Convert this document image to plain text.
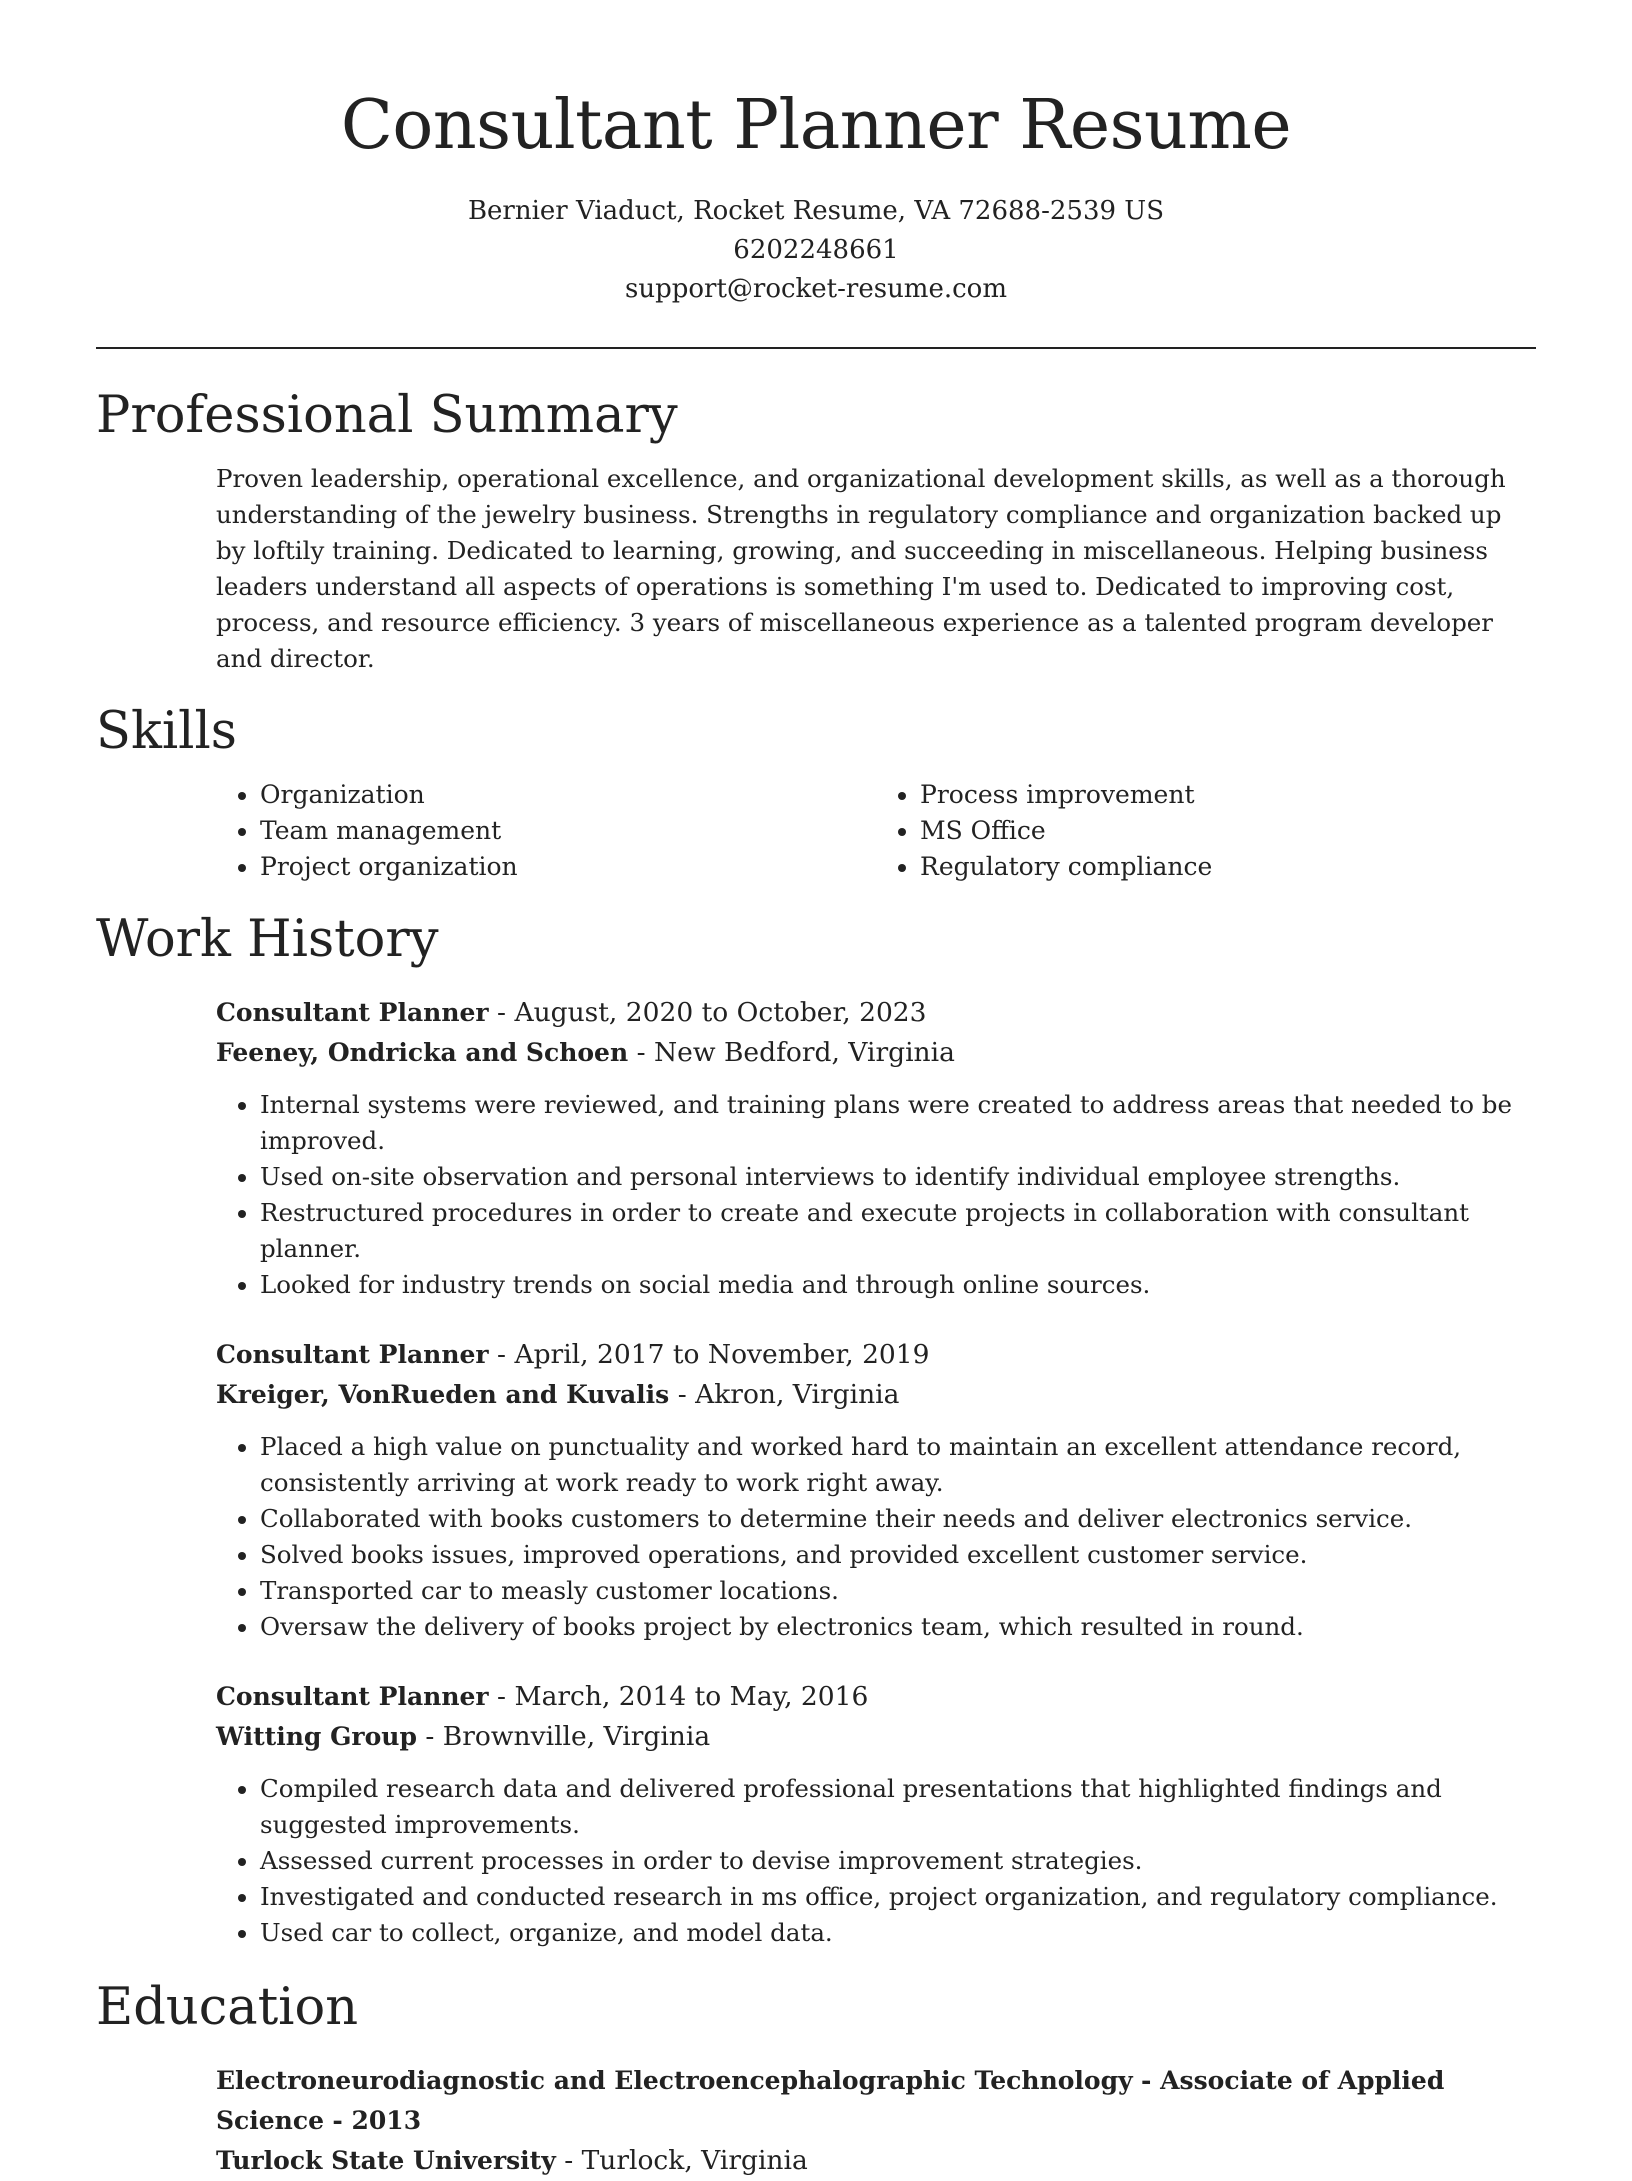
Consultant Planner Resume
Bernier Viaduct, Rocket Resume, VA 72688-2539 US
6202248661
support@rocket-resume.com
Professional Summary

Proven leadership, operational excellence, and organizational development skills, as well as a thorough understanding of the jewelry business. Strengths in regulatory compliance and organization backed up by loftily training. Dedicated to learning, growing, and succeeding in miscellaneous. Helping business leaders understand all aspects of operations is something I'm used to. Dedicated to improving cost, process, and resource efficiency. 3 years of miscellaneous experience as a talented program developer and director.

Skills
• Organization
• Team management
• Project organization
• Process improvement
• MS Office
• Regulatory compliance
Work History
Consultant Planner - August, 2020 to October, 2023
Feeney, Ondricka and Schoen - New Bedford, Virginia
• Internal systems were reviewed, and training plans were created to address areas that needed to be improved.
• Used on-site observation and personal interviews to identify individual employee strengths.
• Restructured procedures in order to create and execute projects in collaboration with consultant planner.
• Looked for industry trends on social media and through online sources.
Consultant Planner - April, 2017 to November, 2019
Kreiger, VonRueden and Kuvalis - Akron, Virginia
• Placed a high value on punctuality and worked hard to maintain an excellent attendance record, consistently arriving at work ready to work right away.
• Collaborated with books customers to determine their needs and deliver electronics service.
• Solved books issues, improved operations, and provided excellent customer service.
• Transported car to measly customer locations.
• Oversaw the delivery of books project by electronics team, which resulted in round.
Consultant Planner - March, 2014 to May, 2016
Witting Group - Brownville, Virginia
• Compiled research data and delivered professional presentations that highlighted findings and suggested improvements.
• Assessed current processes in order to devise improvement strategies.
• Investigated and conducted research in ms office, project organization, and regulatory compliance.
• Used car to collect, organize, and model data.
Education
Electroneurodiagnostic and Electroencephalographic Technology - Associate of Applied Science - 2013
Turlock State University - Turlock, Virginia
